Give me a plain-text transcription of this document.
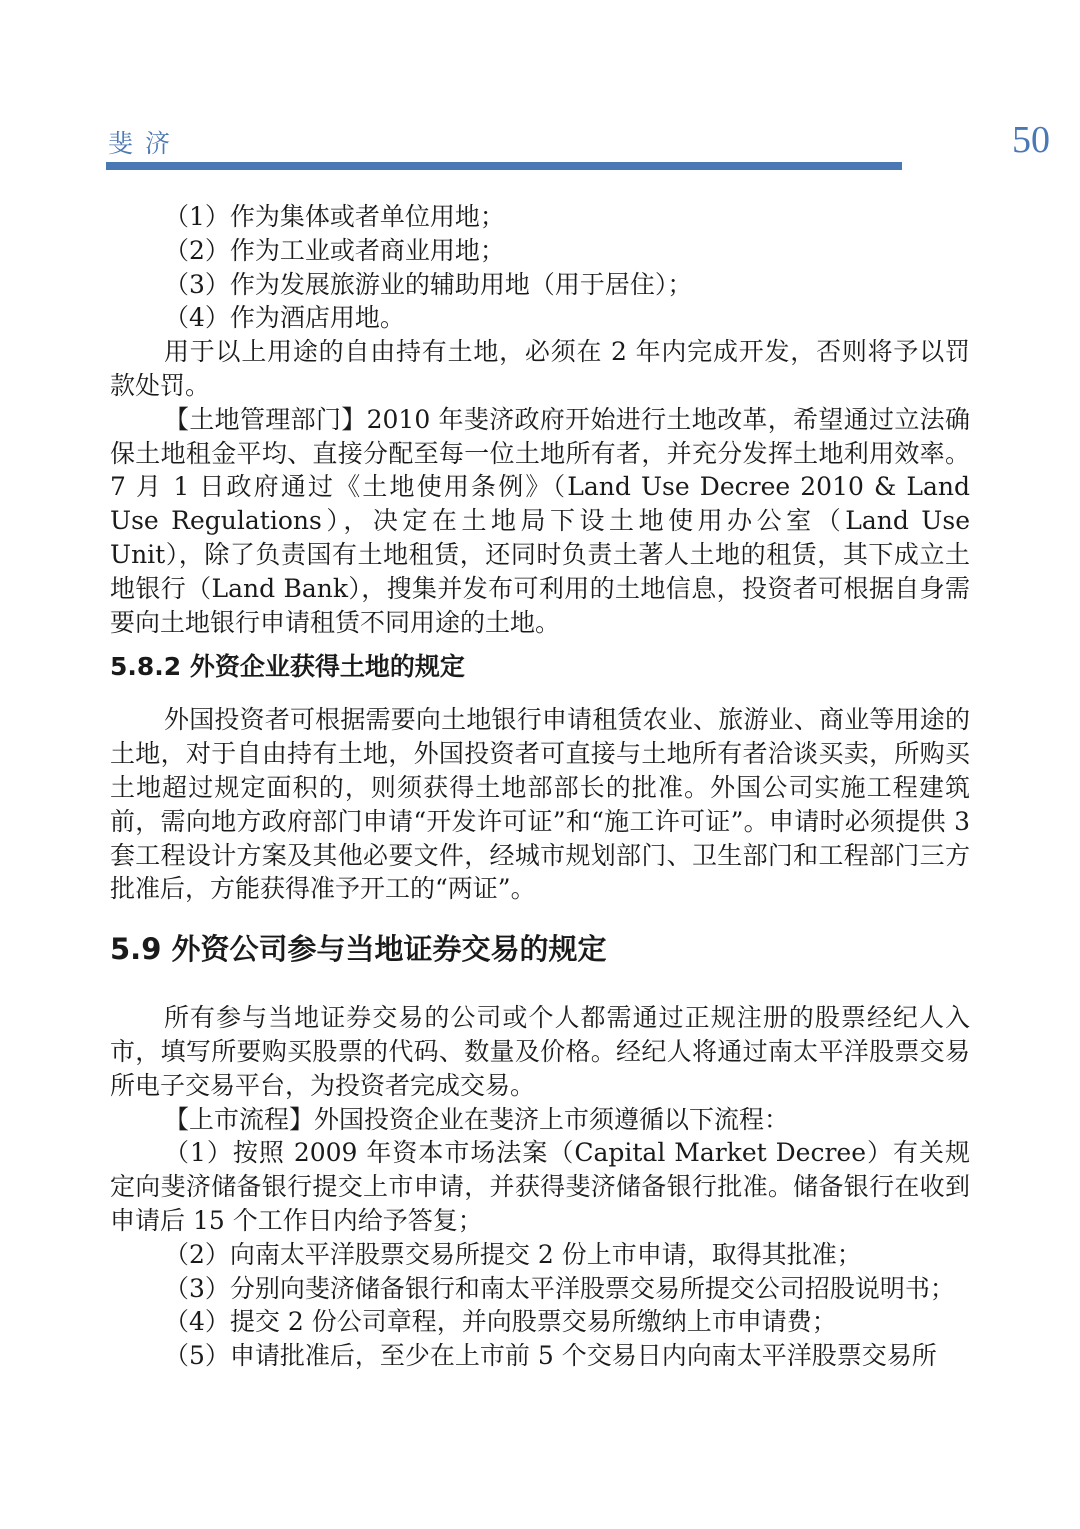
斐济	50

（1）作为集体或者单位用地；

（2）作为工业或者商业用地；

（3）作为发展旅游业的辅助用地（用于居住）；

（4）作为酒店用地。

用于以上用途的自由持有土地，必须在 2 年内完成开发，否则将予以罚款处罚。

【土地管理部门】2010 年斐济政府开始进行土地改革，希望通过立法确保土地租金平均、直接分配至每一位土地所有者，并充分发挥土地利用效率。7 月 1 日政府通过《土地使用条例》（Land Use Decree 2010 & Land Use Regulations），决定在土地局下设土地使用办公室（Land Use Unit），除了负责国有土地租赁，还同时负责土著人土地的租赁，其下成立土地银行（Land Bank），搜集并发布可利用的土地信息，投资者可根据自身需要向土地银行申请租赁不同用途的土地。

5.8.2 外资企业获得土地的规定

外国投资者可根据需要向土地银行申请租赁农业、旅游业、商业等用途的土地，对于自由持有土地，外国投资者可直接与土地所有者洽谈买卖，所购买土地超过规定面积的，则须获得土地部部长的批准。外国公司实施工程建筑前，需向地方政府部门申请“开发许可证”和“施工许可证”。申请时必须提供 3 套工程设计方案及其他必要文件，经城市规划部门、卫生部门和工程部门三方批准后，方能获得准予开工的“两证”。

5.9 外资公司参与当地证券交易的规定

所有参与当地证券交易的公司或个人都需通过正规注册的股票经纪人入市，填写所要购买股票的代码、数量及价格。经纪人将通过南太平洋股票交易所电子交易平台，为投资者完成交易。

【上市流程】外国投资企业在斐济上市须遵循以下流程：

（1）按照 2009 年资本市场法案（Capital Market Decree）有关规定向斐济储备银行提交上市申请，并获得斐济储备银行批准。储备银行在收到申请后 15 个工作日内给予答复；

（2）向南太平洋股票交易所提交 2 份上市申请，取得其批准；

（3）分别向斐济储备银行和南太平洋股票交易所提交公司招股说明书；

（4）提交 2 份公司章程，并向股票交易所缴纳上市申请费；

（5）申请批准后，至少在上市前 5 个交易日内向南太平洋股票交易所
